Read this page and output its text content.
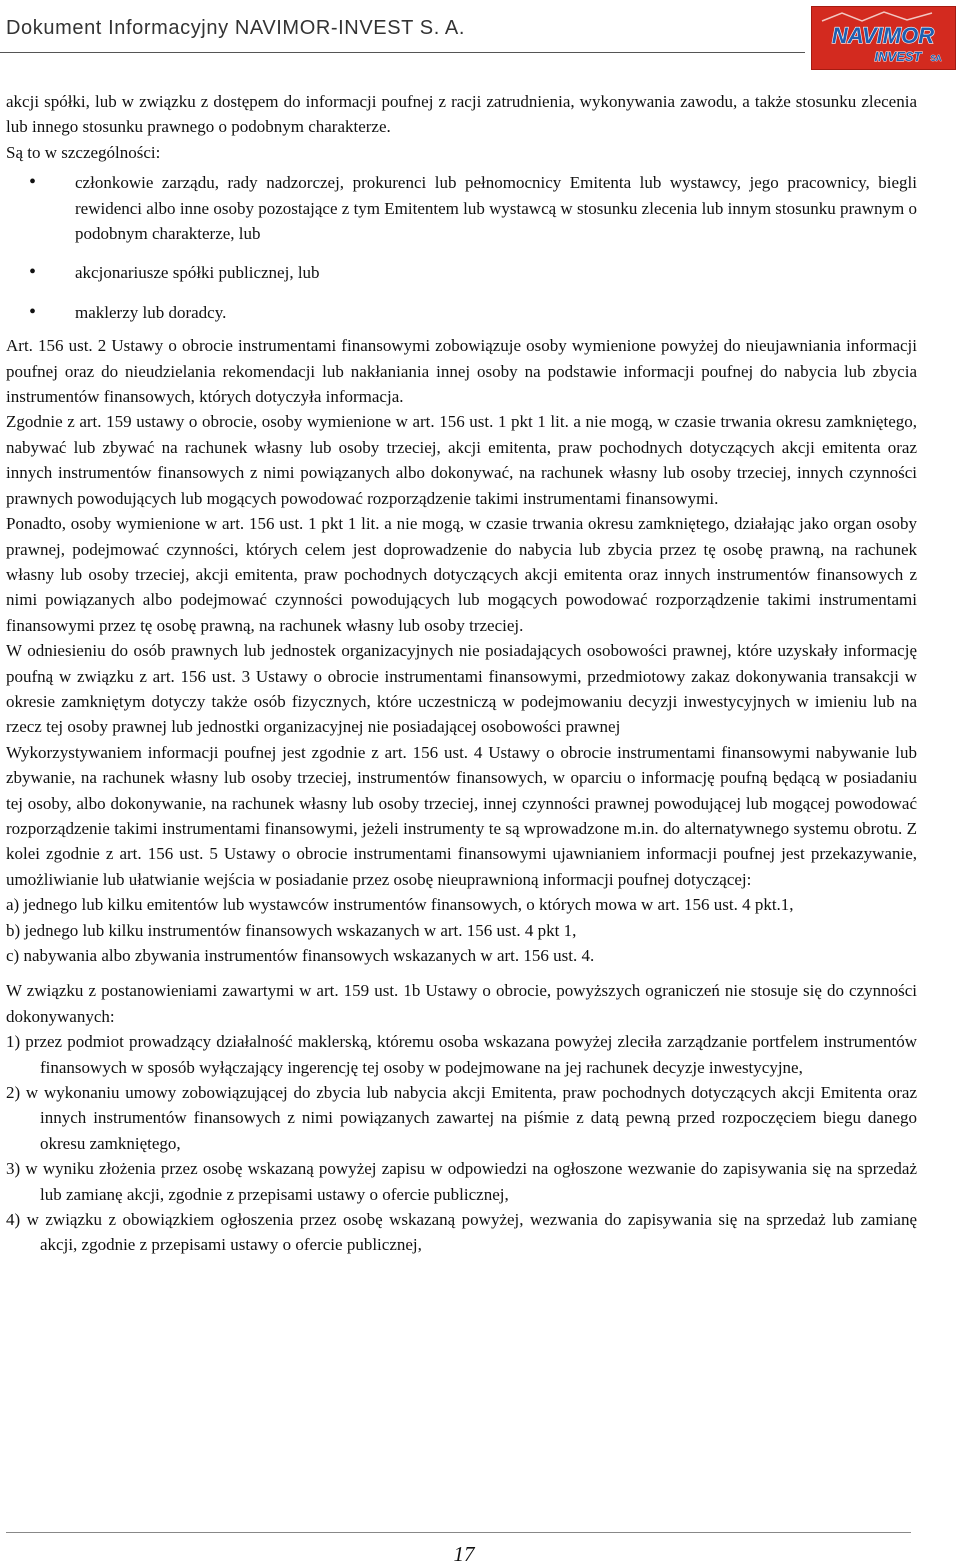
Dokument Informacyjny NAVIMOR-INVEST S. A.	NAVIMOR
INVEST SA

akcji spółki, lub w związku z dostępem do informacji poufnej z racji zatrudnienia, wykonywania zawodu, a także stosunku zlecenia lub innego stosunku prawnego o podobnym charakterze.

Są to w szczególności:

• członkowie zarządu, rady nadzorczej, prokurenci lub pełnomocnicy Emitenta lub wystawcy, jego pracownicy, biegli rewidenci albo inne osoby pozostające z tym Emitentem lub wystawcą w stosunku zlecenia lub innym stosunku prawnym o podobnym charakterze, lub
• akcjonariusze spółki publicznej, lub
• maklerzy lub doradcy.

Art. 156 ust. 2 Ustawy o obrocie instrumentami finansowymi zobowiązuje osoby wymienione powyżej do nieujawniania informacji poufnej oraz do nieudzielania rekomendacji lub nakłaniania innej osoby na podstawie informacji poufnej do nabycia lub zbycia instrumentów finansowych, których dotyczyła informacja.

Zgodnie z art. 159 ustawy o obrocie, osoby wymienione w art. 156 ust. 1 pkt 1 lit. a nie mogą, w czasie trwania okresu zamkniętego, nabywać lub zbywać na rachunek własny lub osoby trzeciej, akcji emitenta, praw pochodnych dotyczących akcji emitenta oraz innych instrumentów finansowych z nimi powiązanych albo dokonywać, na rachunek własny lub osoby trzeciej, innych czynności prawnych powodujących lub mogących powodować rozporządzenie takimi instrumentami finansowymi.

Ponadto, osoby wymienione w art. 156 ust. 1 pkt 1 lit. a nie mogą, w czasie trwania okresu zamkniętego, działając jako organ osoby prawnej, podejmować czynności, których celem jest doprowadzenie do nabycia lub zbycia przez tę osobę prawną, na rachunek własny lub osoby trzeciej, akcji emitenta, praw pochodnych dotyczących akcji emitenta oraz innych instrumentów finansowych z nimi powiązanych albo podejmować czynności powodujących lub mogących powodować rozporządzenie takimi instrumentami finansowymi przez tę osobę prawną, na rachunek własny lub osoby trzeciej.

W odniesieniu do osób prawnych lub jednostek organizacyjnych nie posiadających osobowości prawnej, które uzyskały informację poufną w związku z art. 156 ust. 3 Ustawy o obrocie instrumentami finansowymi, przedmiotowy zakaz dokonywania transakcji w okresie zamkniętym dotyczy także osób fizycznych, które uczestniczą w podejmowaniu decyzji inwestycyjnych w imieniu lub na rzecz tej osoby prawnej lub jednostki organizacyjnej nie posiadającej osobowości prawnej

Wykorzystywaniem informacji poufnej jest zgodnie z art. 156 ust. 4 Ustawy o obrocie instrumentami finansowymi nabywanie lub zbywanie, na rachunek własny lub osoby trzeciej, instrumentów finansowych, w oparciu o informację poufną będącą w posiadaniu tej osoby, albo dokonywanie, na rachunek własny lub osoby trzeciej, innej czynności prawnej powodującej lub mogącej powodować rozporządzenie takimi instrumentami finansowymi, jeżeli instrumenty te są wprowadzone m.in. do alternatywnego systemu obrotu. Z kolei zgodnie z art. 156 ust. 5 Ustawy o obrocie instrumentami finansowymi ujawnianiem informacji poufnej jest przekazywanie, umożliwianie lub ułatwianie wejścia w posiadanie przez osobę nieuprawnioną informacji poufnej dotyczącej:

a) jednego lub kilku emitentów lub wystawców instrumentów finansowych, o których mowa w art. 156 ust. 4 pkt.1,
b) jednego lub kilku instrumentów finansowych wskazanych w art. 156 ust. 4 pkt 1,
c) nabywania albo zbywania instrumentów finansowych wskazanych w art. 156 ust. 4.

W związku z postanowieniami zawartymi w art. 159 ust. 1b Ustawy o obrocie, powyższych ograniczeń nie stosuje się do czynności dokonywanych:

1) przez podmiot prowadzący działalność maklerską, któremu osoba wskazana powyżej zleciła zarządzanie portfelem instrumentów finansowych w sposób wyłączający ingerencję tej osoby w podejmowane na jej rachunek decyzje inwestycyjne,
2) w wykonaniu umowy zobowiązującej do zbycia lub nabycia akcji Emitenta, praw pochodnych dotyczących akcji Emitenta oraz innych instrumentów finansowych z nimi powiązanych zawartej na piśmie z datą pewną przed rozpoczęciem biegu danego okresu zamkniętego,
3) w wyniku złożenia przez osobę wskazaną powyżej zapisu w odpowiedzi na ogłoszone wezwanie do zapisywania się na sprzedaż lub zamianę akcji, zgodnie z przepisami ustawy o ofercie publicznej,
4) w związku z obowiązkiem ogłoszenia przez osobę wskazaną powyżej, wezwania do zapisywania się na sprzedaż lub zamianę akcji, zgodnie z przepisami ustawy o ofercie publicznej,
17
